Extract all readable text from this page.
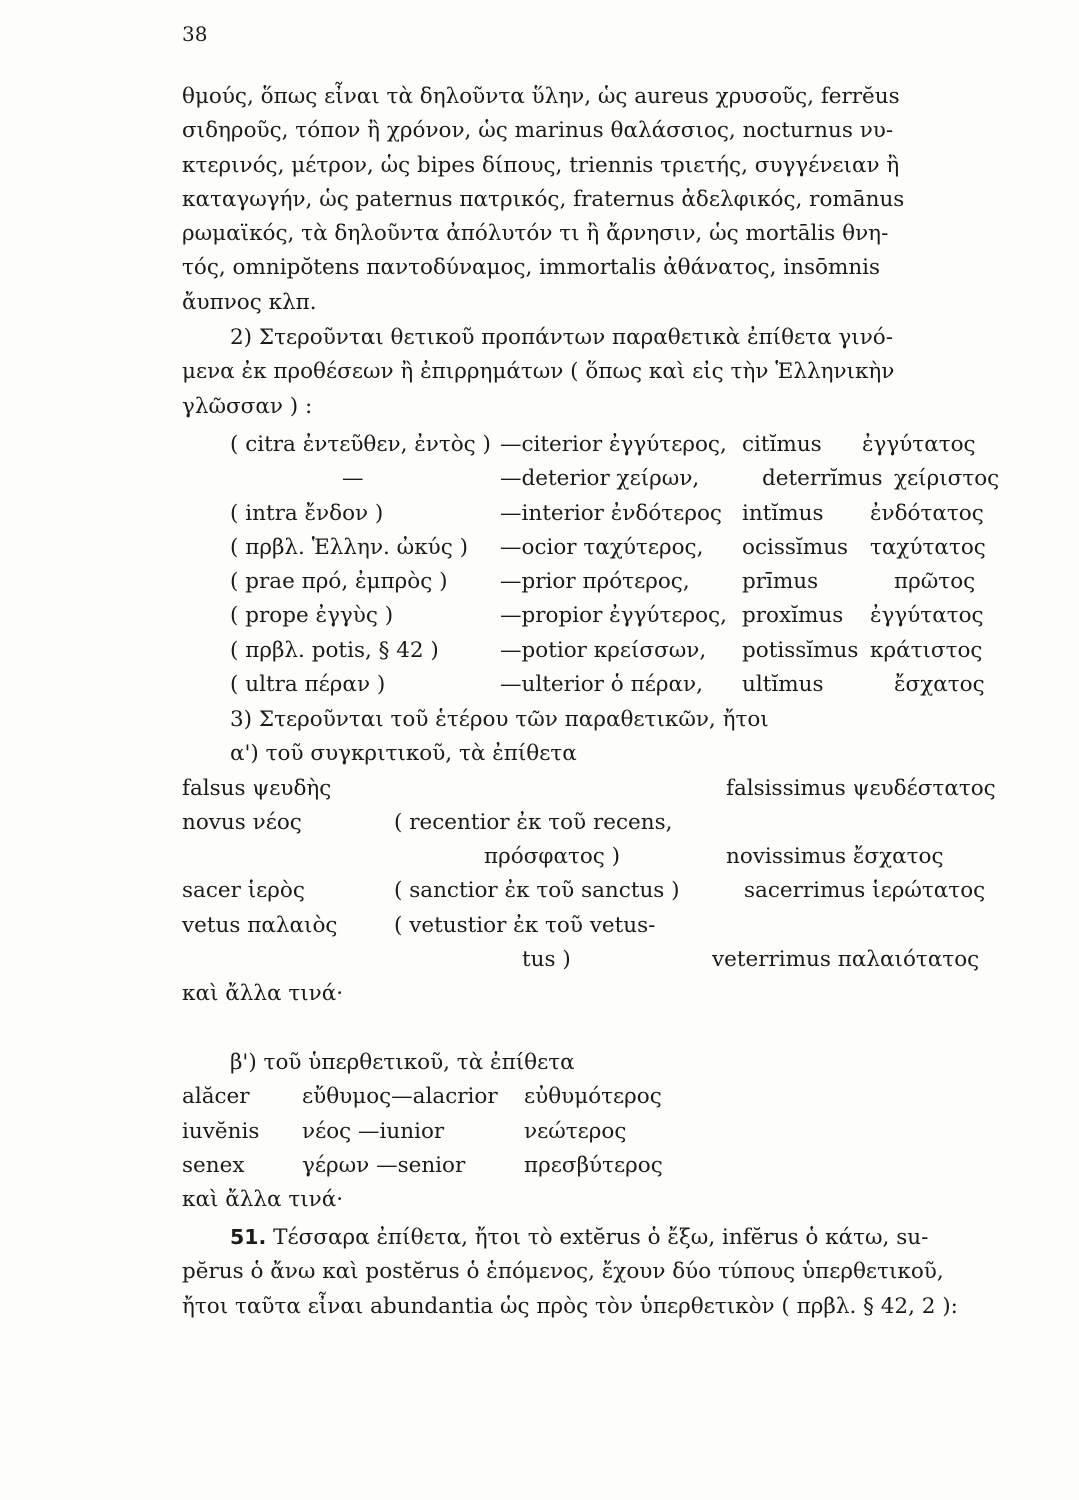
38
θμούς, ὅπως εἶναι τὰ δηλοῦντα ὕλην, ὡς aureus χρυσοῦς, ferrĕus
σιδηροῦς, τόπον ἢ χρόνον, ὡς marinus θαλάσσιος, nocturnus νυ-
κτερινός, μέτρον, ὡς bipes δίπους, triennis τριετής, συγγένειαν ἢ
καταγωγήν, ὡς paternus πατρικός, fraternus ἀδελφικός, romānus
ρωμαϊκός, τὰ δηλοῦντα ἀπόλυτόν τι ἢ ἄρνησιν, ὡς mortālis θνη-
τός, omnipŏtens παντοδύναμος, immortalis ἀθάνατος, insōmnis
ἄυπνος κλπ.
2) Στεροῦνται θετικοῦ προπάντων παραθετικὰ ἐπίθετα γινό-
μενα ἐκ προθέσεων ἢ ἐπιρρημάτων ( ὅπως καὶ εἰς τὴν Ἑλληνικὴν
γλῶσσαν ) :
( citra ἐντεῦθεν, ἐντὸς ) —citerior ἐγγύτερος, citĭmus ἐγγύτατος
—	—deterior χείρων,	deterrĭmus χείριστος
( intra ἔνδον )	—interior ἐνδότερος intĭmus ἐνδότατος
( πρβλ. Ἑλλην. ὠκύς ) —ocior ταχύτερος, ocissĭmus ταχύτατος
( prae πρό, ἐμπρὸς ) —prior πρότερος, prīmus	πρῶτος
( prope ἐγγὺς )	—propior ἐγγύτερος, proxĭmus ἐγγύτατος
( πρβλ. potis, § 42 )	—potior κρείσσων, potissĭmus κράτιστος
( ultra πέραν )	—ulterior ὁ πέραν, ultĭmus	ἔσχατος
3) Στεροῦνται τοῦ ἑτέρου τῶν παραθετικῶν, ἤτοι
α') τοῦ συγκριτικοῦ, τὰ ἐπίθετα
falsus ψευδὴς	falsissimus ψευδέστατος
novus νέος	( recentior ἐκ τοῦ recens,
πρόσφατος )	novissimus ἔσχατος
sacer ἱερὸς	( sanctior ἐκ τοῦ sanctus )	sacerrimus ἱερώτατος
vetus παλαιὸς	( vetustior ἐκ τοῦ vetus-
tus )	veterrimus παλαιότατος
καὶ ἄλλα τινά·
β') τοῦ ὑπερθετικοῦ, τὰ ἐπίθετα
alăcer εὔθυμος—alacrior εὐθυμότερος
iuvĕnis νέος —iunior	νεώτερος
senex	γέρων —senior	πρεσβύτερος
καὶ ἄλλα τινά·
51. Τέσσαρα ἐπίθετα, ἤτοι τὸ extĕrus ὁ ἔξω, infĕrus ὁ κάτω, su-
pĕrus ὁ ἄνω καὶ postĕrus ὁ ἑπόμενος, ἔχουν δύο τύπους ὑπερθετικοῦ,
ἤτοι ταῦτα εἶναι abundantia ὡς πρὸς τὸν ὑπερθετικὸν ( πρβλ. § 42, 2 ):
